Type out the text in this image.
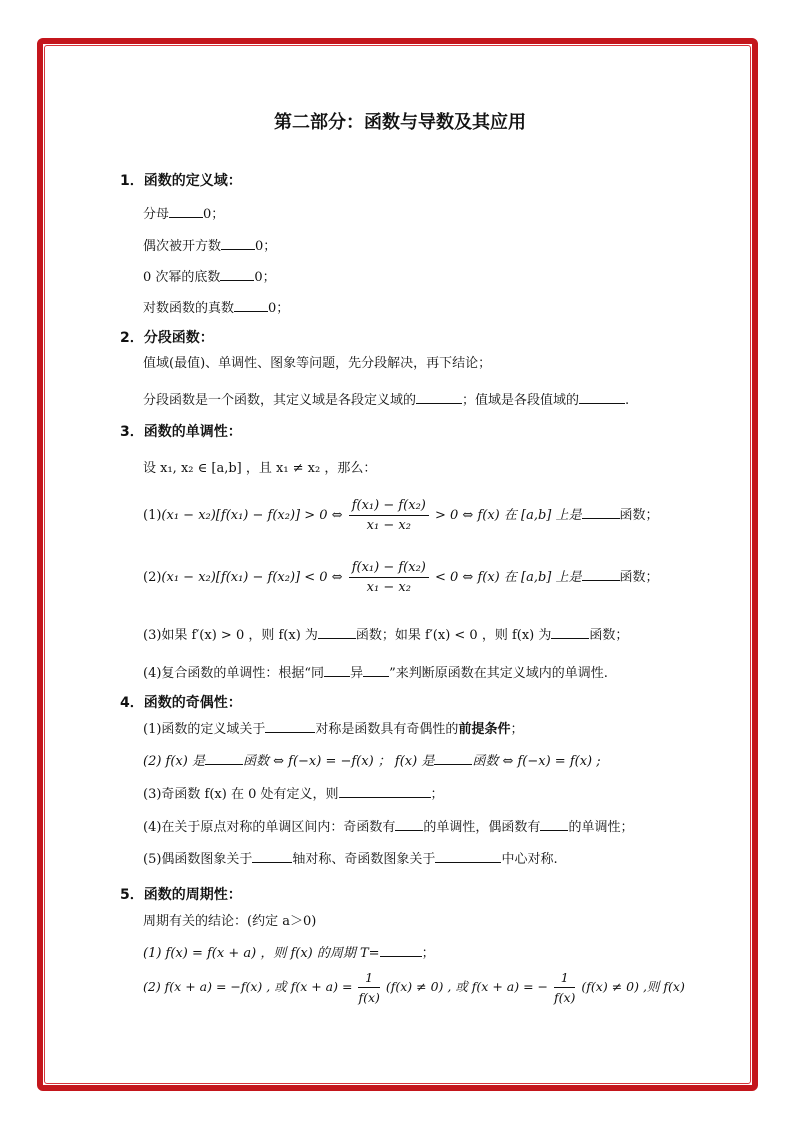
第二部分：函数与导数及其应用
1．函数的定义域：
分母	0；
偶次被开方数	0；
0 次幂的底数	0；
对数函数的真数	0；
2．分段函数：
值域(最值)、单调性、图象等问题，先分段解决，再下结论；
分段函数是一个函数，其定义域是各段定义域的	；值域是各段值域的	.
3．函数的单调性：
设 x₁, x₂ ∈ [a,b] ，且 x₁ ≠ x₂ ，那么：
(1)(x₁ − x₂)[f(x₁) − f(x₂)] > 0 ⇔ $\frac{\text{f(x₁) − f(x₂)}}{\text{x₁ − x₂}} > 0$ ⇔ f(x) 在 [a,b] 上是	函数；
(2)(x₁ − x₂)[f(x₁) − f(x₂)] < 0 ⇔ $\frac{\text{f(x₁) − f(x₂)}}{\text{x₁ − x₂}} < 0$ ⇔ f(x) 在 [a,b] 上是	函数；
(3)如果 f′(x) > 0 ，则 f(x) 为	函数；如果 f′(x) < 0 ，则 f(x) 为	函数；
(4)复合函数的单调性：根据“同 异 ”来判断原函数在其定义域内的单调性.
4．函数的奇偶性：
(1)函数的定义域关于	对称是函数具有奇偶性的前提条件；
(2) f(x) 是	函数 ⇔ f(−x) = −f(x) ； f(x) 是	函数 ⇔ f(−x) = f(x) ;
(3)奇函数 f(x) 在 0 处有定义，则	；
(4)在关于原点对称的单调区间内：奇函数有 的单调性，偶函数有 的单调性；
(5)偶函数图象关于	轴对称、奇函数图象关于	中心对称.
5．函数的周期性：
周期有关的结论：(约定 a＞0)
(1) f(x) = f(x + a) ，则 f(x) 的周期 T=	；
(2) f(x + a) = −f(x) , 或 $f(x + a) = \frac{1}{f(x)} (f(x) \ne 0)$ , 或 f(x + a) = − $\frac{1}{f(x)} (f(x) \ne 0)$ ,则 f(x)
